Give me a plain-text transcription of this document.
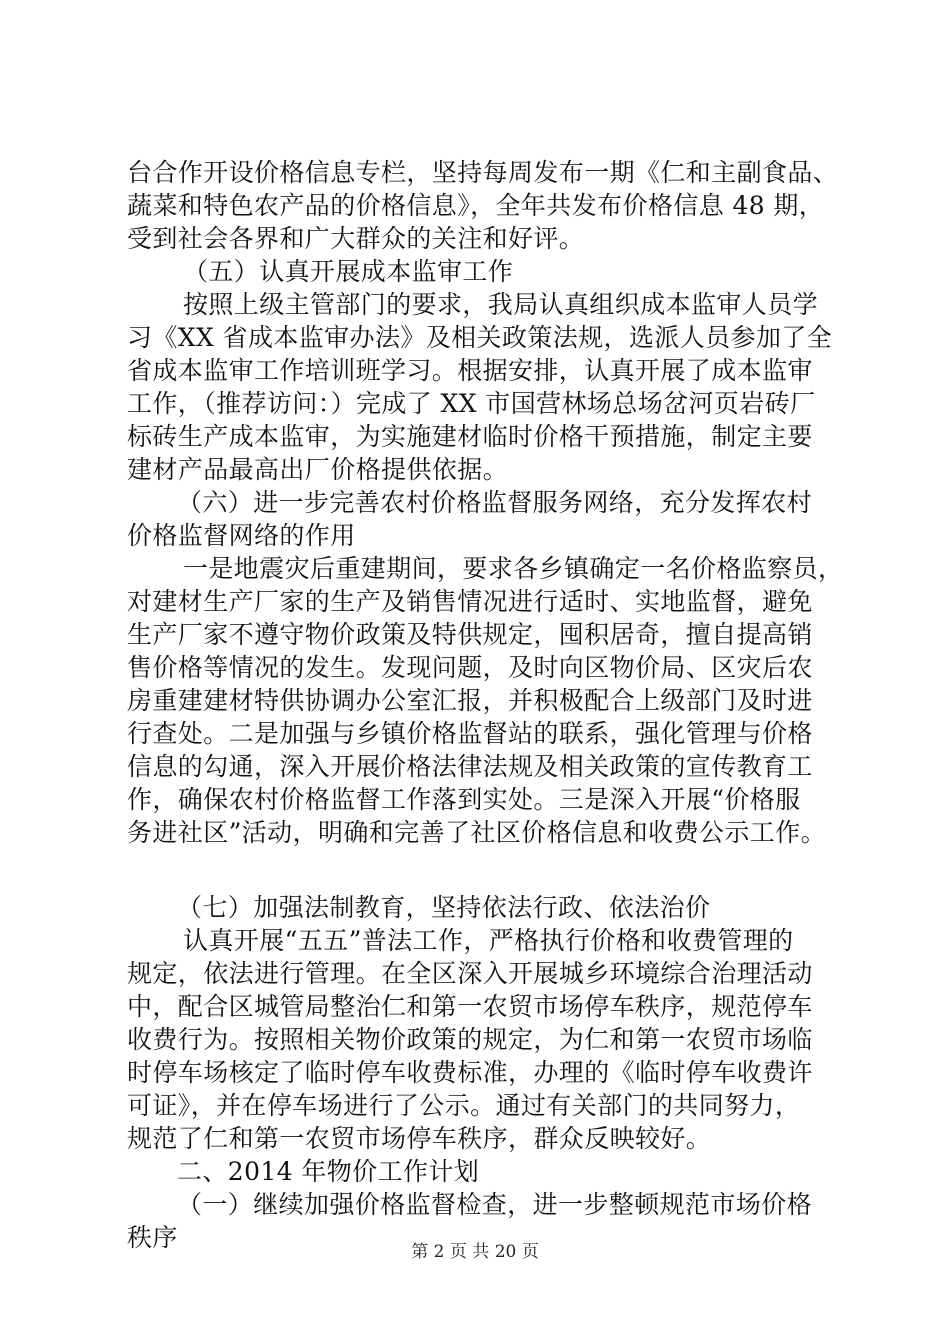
台合作开设价格信息专栏，坚持每周发布一期《仁和主副食品、
蔬菜和特色农产品的价格信息》，全年共发布价格信息 48 期，
受到社会各界和广大群众的关注和好评。
（五）认真开展成本监审工作
按照上级主管部门的要求，我局认真组织成本监审人员学
习《XX 省成本监审办法》及相关政策法规，选派人员参加了全
省成本监审工作培训班学习。根据安排，认真开展了成本监审
工作，（推荐访问：）完成了 XX 市国营林场总场岔河页岩砖厂
标砖生产成本监审，为实施建材临时价格干预措施，制定主要
建材产品最高出厂价格提供依据。
（六）进一步完善农村价格监督服务网络，充分发挥农村
价格监督网络的作用
一是地震灾后重建期间，要求各乡镇确定一名价格监察员，
对建材生产厂家的生产及销售情况进行适时、实地监督，避免
生产厂家不遵守物价政策及特供规定，囤积居奇，擅自提高销
售价格等情况的发生。发现问题，及时向区物价局、区灾后农
房重建建材特供协调办公室汇报，并积极配合上级部门及时进
行查处。二是加强与乡镇价格监督站的联系，强化管理与价格
信息的勾通，深入开展价格法律法规及相关政策的宣传教育工
作，确保农村价格监督工作落到实处。三是深入开展“价格服
务进社区”活动，明确和完善了社区价格信息和收费公示工作。
（七）加强法制教育，坚持依法行政、依法治价
认真开展“五五”普法工作，严格执行价格和收费管理的
规定，依法进行管理。在全区深入开展城乡环境综合治理活动
中，配合区城管局整治仁和第一农贸市场停车秩序，规范停车
收费行为。按照相关物价政策的规定，为仁和第一农贸市场临
时停车场核定了临时停车收费标准，办理的《临时停车收费许
可证》，并在停车场进行了公示。通过有关部门的共同努力，
规范了仁和第一农贸市场停车秩序，群众反映较好。
二、2014 年物价工作计划
（一）继续加强价格监督检查，进一步整顿规范市场价格
秩序	第 2 页 共 20 页
